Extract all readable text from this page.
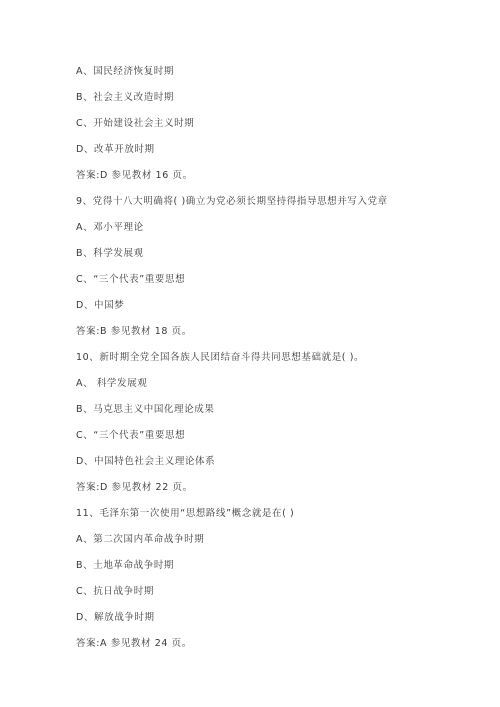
A、国民经济恢复时期
B、社会主义改造时期
C、开始建设社会主义时期
D、改革开放时期
答案:D 参见教材 16 页。
9、党得十八大明确将( )确立为党必须长期坚持得指导思想并写入党章
A、邓小平理论
B、科学发展观
C、“三个代表”重要思想
D、中国梦
答案:B 参见教材 18 页。
10、新时期全党全国各族人民团结奋斗得共同思想基础就是( )。
A、 科学发展观
B、马克思主义中国化理论成果
C、“三个代表”重要思想
D、中国特色社会主义理论体系
答案:D 参见教材 22 页。
11、毛泽东第一次使用“思想路线”概念就是在( )
A、第二次国内革命战争时期
B、土地革命战争时期
C、抗日战争时期
D、解放战争时期
答案:A 参见教材 24 页。
